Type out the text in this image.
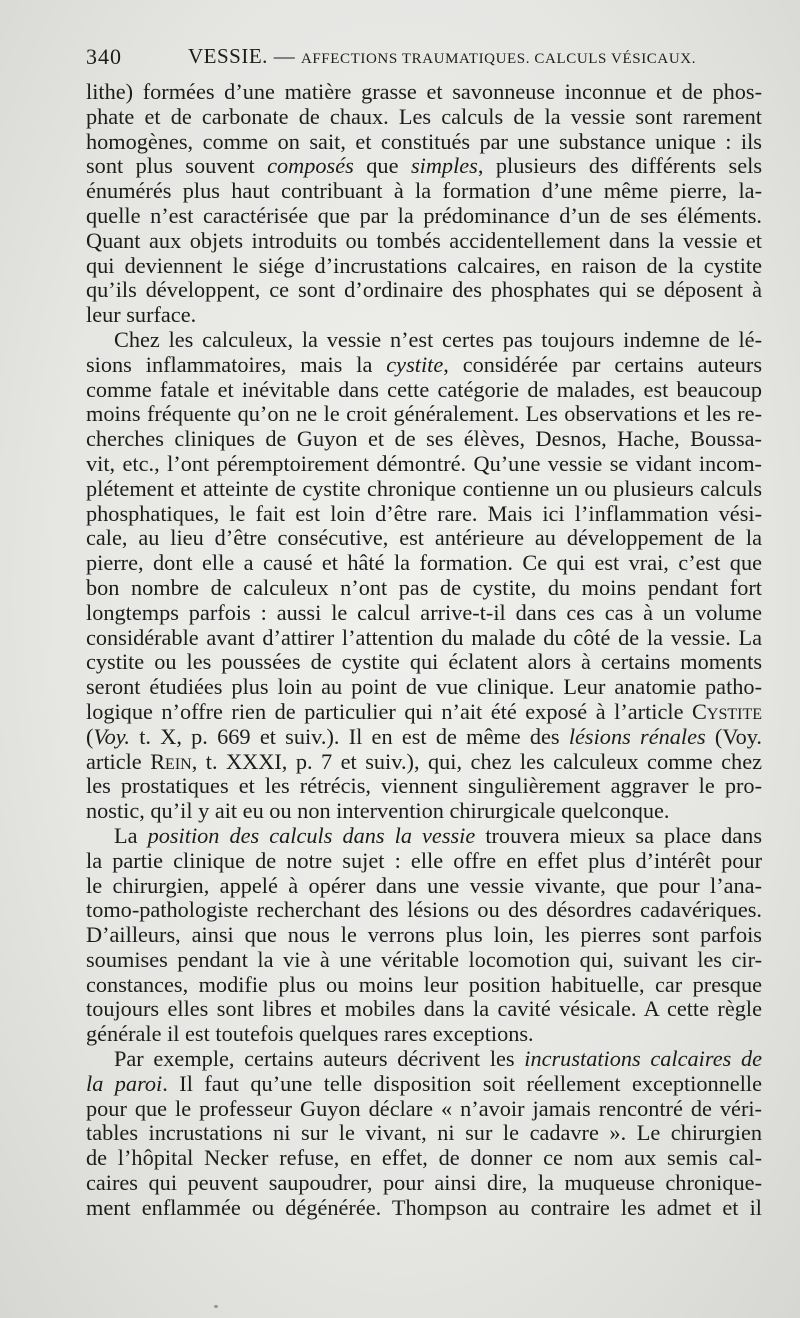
340	VESSIE. — AFFECTIONS TRAUMATIQUES. CALCULS VÉSICAUX.
lithe) formées d’une matière grasse et savonneuse inconnue et de phos-
phate et de carbonate de chaux. Les calculs de la vessie sont rarement
homogènes, comme on sait, et constitués par une substance unique : ils
sont plus souvent composés que simples, plusieurs des différents sels
énumérés plus haut contribuant à la formation d’une même pierre, la-
quelle n’est caractérisée que par la prédominance d’un de ses éléments.
Quant aux objets introduits ou tombés accidentellement dans la vessie et
qui deviennent le siége d’incrustations calcaires, en raison de la cystite
qu’ils développent, ce sont d’ordinaire des phosphates qui se déposent à
leur surface.
Chez les calculeux, la vessie n’est certes pas toujours indemne de lé-
sions inflammatoires, mais la cystite, considérée par certains auteurs
comme fatale et inévitable dans cette catégorie de malades, est beaucoup
moins fréquente qu’on ne le croit généralement. Les observations et les re-
cherches cliniques de Guyon et de ses élèves, Desnos, Hache, Boussa-
vit, etc., l’ont péremptoirement démontré. Qu’une vessie se vidant incom-
plétement et atteinte de cystite chronique contienne un ou plusieurs calculs
phosphatiques, le fait est loin d’être rare. Mais ici l’inflammation vési-
cale, au lieu d’être consécutive, est antérieure au développement de la
pierre, dont elle a causé et hâté la formation. Ce qui est vrai, c’est que
bon nombre de calculeux n’ont pas de cystite, du moins pendant fort
longtemps parfois : aussi le calcul arrive-t-il dans ces cas à un volume
considérable avant d’attirer l’attention du malade du côté de la vessie. La
cystite ou les poussées de cystite qui éclatent alors à certains moments
seront étudiées plus loin au point de vue clinique. Leur anatomie patho-
logique n’offre rien de particulier qui n’ait été exposé à l’article Cystite
(Voy. t. X, p. 669 et suiv.). Il en est de même des lésions rénales (Voy.
article Rein, t. XXXI, p. 7 et suiv.), qui, chez les calculeux comme chez
les prostatiques et les rétrécis, viennent singulièrement aggraver le pro-
nostic, qu’il y ait eu ou non intervention chirurgicale quelconque.
La position des calculs dans la vessie trouvera mieux sa place dans
la partie clinique de notre sujet : elle offre en effet plus d’intérêt pour
le chirurgien, appelé à opérer dans une vessie vivante, que pour l’ana-
tomo-pathologiste recherchant des lésions ou des désordres cadavériques.
D’ailleurs, ainsi que nous le verrons plus loin, les pierres sont parfois
soumises pendant la vie à une véritable locomotion qui, suivant les cir-
constances, modifie plus ou moins leur position habituelle, car presque
toujours elles sont libres et mobiles dans la cavité vésicale. A cette règle
générale il est toutefois quelques rares exceptions.
Par exemple, certains auteurs décrivent les incrustations calcaires de
la paroi. Il faut qu’une telle disposition soit réellement exceptionnelle
pour que le professeur Guyon déclare « n’avoir jamais rencontré de véri-
tables incrustations ni sur le vivant, ni sur le cadavre ». Le chirurgien
de l’hôpital Necker refuse, en effet, de donner ce nom aux semis cal-
caires qui peuvent saupoudrer, pour ainsi dire, la muqueuse chronique-
ment enflammée ou dégénérée. Thompson au contraire les admet et il
